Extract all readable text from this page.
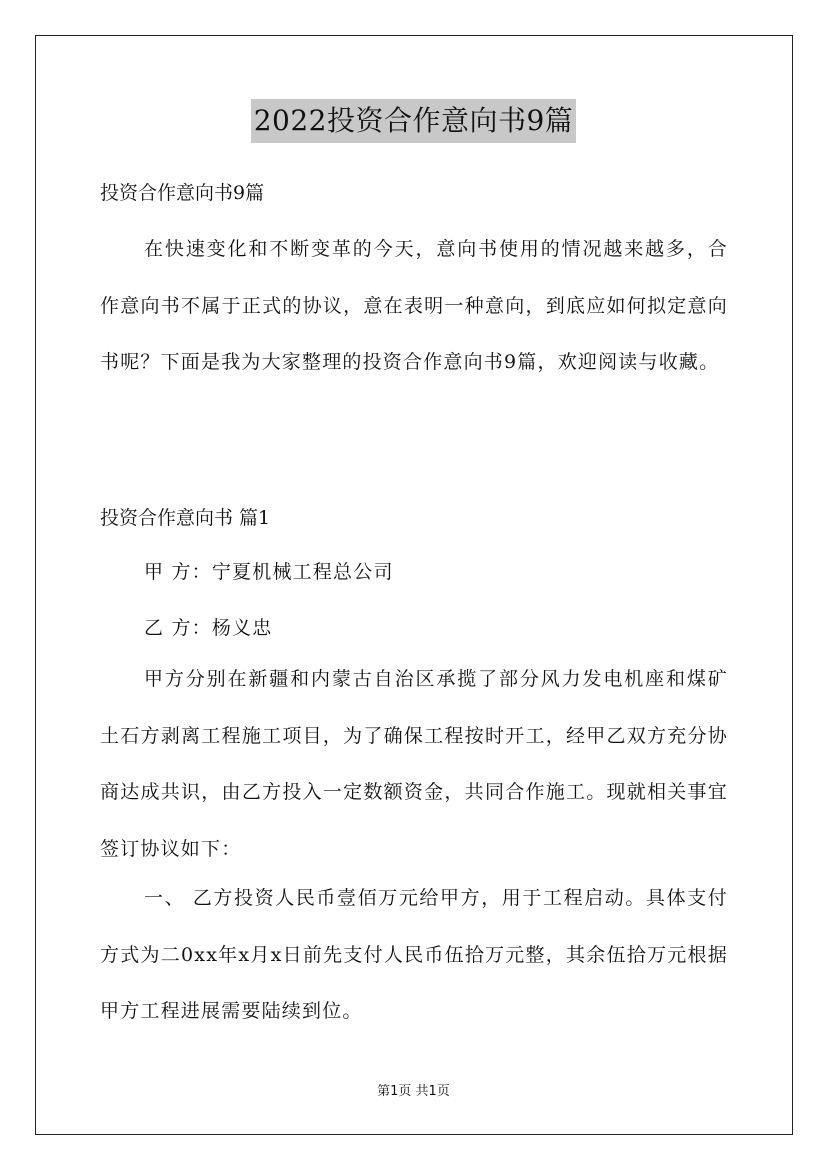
2022投资合作意向书9篇
投资合作意向书9篇
在快速变化和不断变革的今天，意向书使用的情况越来越多，合作意向书不属于正式的协议，意在表明一种意向，到底应如何拟定意向书呢？下面是我为大家整理的投资合作意向书9篇，欢迎阅读与收藏。
投资合作意向书 篇1
甲 方：宁夏机械工程总公司
乙 方：杨义忠
甲方分别在新疆和内蒙古自治区承揽了部分风力发电机座和煤矿土石方剥离工程施工项目，为了确保工程按时开工，经甲乙双方充分协商达成共识，由乙方投入一定数额资金，共同合作施工。现就相关事宜签订协议如下：
一、 乙方投资人民币壹佰万元给甲方，用于工程启动。具体支付方式为二0xx年x月x日前先支付人民币伍拾万元整，其余伍拾万元根据甲方工程进展需要陆续到位。
第1页 共1页
